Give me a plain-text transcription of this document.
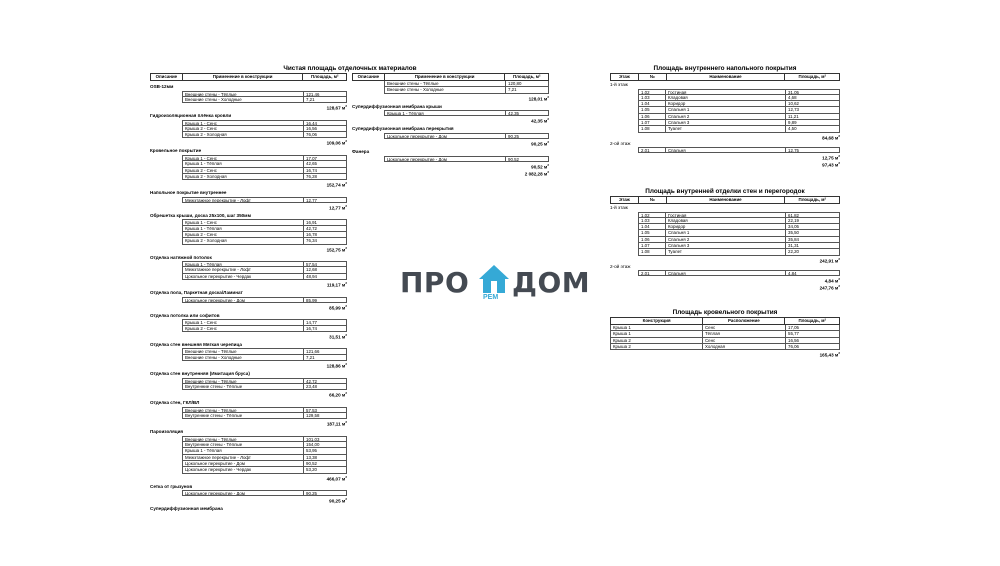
Чистая площадь отделочных материалов
Описание	Применение в конструкции	Площадь, м²
OSB-12мм
Внешние стены - Тёплые	121,46
Внешние стены - Холодные	7,21
128,67 $м^2$
Гидроизоляционная плёнка кровли
Крыша 1 - Сенс	16,44
Крыша 2 - Сенс	16,56
Крыша 2 - Холодная	76,06
109,06 $м^2$
Кровельное покрытие
Крыша 1 - Сенс	17,07
Крыша 1 - Тёплая	42,65
Крыша 2 - Сенс	16,74
Крыша 2 - Холодная	76,28
152,74 $м^2$
Напольное покрытие внутреннее
Межэтажное перекрытие - Лофт	12,77
12,77 $м^2$
Обрешетка крыши, доска 25х100, шаг 350мм
Крыша 1 - Сенс	16,91
Крыша 1 - Тёплая	42,72
Крыша 2 - Сенс	16,78
Крыша 2 - Холодная	76,34
152,75 $м^2$
Отделка натяжной потолок
Крыша 1 - Тёплая	57,54
Межэтажное перекрытие - Лофт	12,68
Цокольное перекрытие - Чердак	48,94
119,17 $м^2$
Отделка пола, Паркетная доска/Ламинат
Цокольное перекрытие - Дом	85,99
85,99 $м^2$
Отделка потолка или софитов
Крыша 1 - Сенс	14,77
Крыша 2 - Сенс	16,74
31,51 $м^2$
Отделка стен внешняя Мягкая черепица
Внешние стены - Тёплые	121,66
Внешние стены - Холодные	7,21
128,86 $м^2$
Отделка стен внутренняя (Имитация бруса)
Внешние стены - Тёплые	42,72
Внутренние стены - Тёплые	23,48
66,20 $м^2$
Отделка стен, ГКЛ/ВЛ
Внешние стены - Тёплые	57,53
Внутренние стены - Тёплые	129,58
187,11 $м^2$
Пароизоляция
Внешние стены - Тёплые	101,03
Внутренние стены - Тёплые	154,00
Крыша 1 - Тёплая	53,95
Межэтажное перекрытие - Лофт	13,38
Цокольное перекрытие - Дом	90,52
Цокольное перекрытие - Чердак	53,20
466,07 $м^2$
Сетка от грызунов
Цокольное перекрытие - Дом	90,25
90,25 $м^2$
Супердиффузионная мембрана
Описание	Применение в конструкции	Площадь, м²
Внешние стены - Тёплые	120,80
Внешние стены - Холодные	7,21
128,01 $м^2$
Супердиффузионная мембрана крыши
Крыша 1 - Тёплая	42,35
42,35 $м^2$
Супердиффузионная мембрана перекрытия
Цокольное перекрытие - Дом	90,25
90,25 $м^2$
Фанера
Цокольное перекрытие - Дом	90,52
90,52 $м^2$
2 082,28 $м^2$
Площадь внутреннего напольного покрытия
Этаж	№	Наименование	Площадь, м²
1-й этаж
1.02	Гостиная	31,05
1.03	Кладовая	4,68
1.04	Коридор	10,62
1.05	Спальня 1	12,73
1.06	Спальня 2	11,21
1.07	Спальня 3	9,89
1.08	Туалет	4,50
84,68 $м^2$
2-ой этаж
2.01	Спальня	12,75
12,75 $м^2$
97,43 $м^2$
Площадь внутренней отделки стен и перегородок
Этаж	№	Наименование	Площадь, м²
1-й этаж
1.02	Гостиная	61,82
1.03	Кладовая	22,19
1.04	Коридор	34,05
1.05	Спальня 1	35,50
1.06	Спальня 2	35,84
1.07	Спальня 3	31,31
1.08	Туалет	22,20
242,91 $м^2$
2-ой этаж
2.01	Спальня	4,84
4,84 $м^2$
247,76 $м^2$
Площадь кровельного покрытия
Конструкция	Расположение	Площадь, м²
Крыша 1	Сенс	17,05
Крыша 1	Тёплая	55,77
Крыша 2	Сенс	16,56
Крыша 2	Холодная	76,06
165,43 $м^2$
ПРО РЕМ ДОМ
